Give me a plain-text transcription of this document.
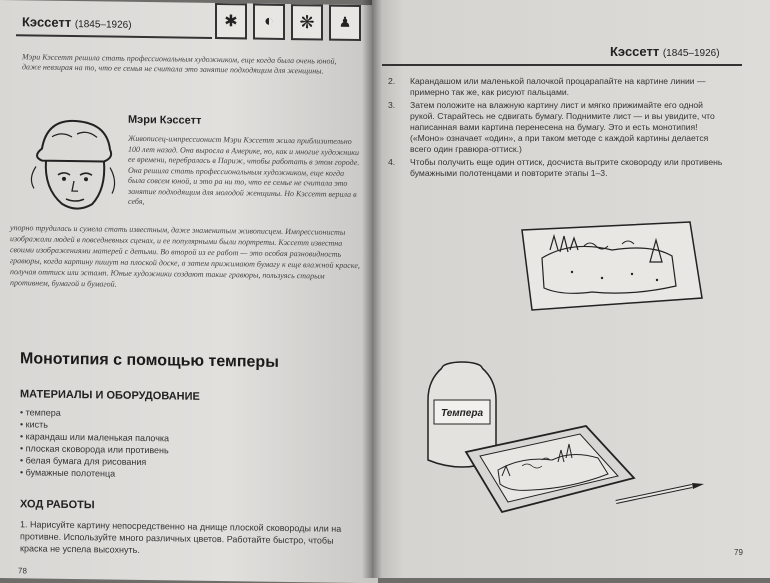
Кэссетт (1845–1926)	✱	◐	❋	♟
Мэри Кэссетт решила стать профессиональным художником, еще когда была очень юной, даже невзирая на то, что ее семья не считала это занятие подходящим для женщины.
Мэри Кэссетт
Живописец-импрессионист Мэри Кэссетт жила приблизительно 100 лет назад. Она выросла в Америке, но, как и многие художники ее времени, перебралась в Париж, чтобы работать в этом городе. Она решила стать профессиональным художником, еще когда была совсем юной, и это ра ни то, что ее семье не считала это занятие подходящим для молодой женщины. Но Кэссетт верила в себя,
упорно трудилась и сумела стать известным, даже знаменитым живописцем. Импрессионисты изображали людей в повседневных сценах, и ее популярными были портреты. Кэссетт известна своими изображениями матерей с детьми. Во второй из ее работ — это особая разновидность гравюры, когда картину пишут на плоской доске, а затем прижимают бумагу к еще влажной краске, получая оттиск или эстамп. Юные художники создают такие гравюры, пользуясь старым противнем, бумагой и бумагой.
Монотипия с помощью темперы
МАТЕРИАЛЫ И ОБОРУДОВАНИЕ
• темпера
• кисть
• карандаш или маленькая палочка
• плоская сковорода или противень
• белая бумага для рисования
• бумажные полотенца
ХОД РАБОТЫ
1. Нарисуйте картину непосредственно на днище плоской сковороды или на противне. Используйте много различных цветов. Работайте быстро, чтобы краска не успела высохнуть.
78
Кэссетт (1845–1926)
79
Темпера
2. Карандашом или маленькой палочкой процарапайте на картине линии — примерно так же, как рисуют пальцами.
3. Затем положите на влажную картину лист и мягко прижимайте его одной рукой. Старайтесь не сдвигать бумагу. Поднимите лист — и вы увидите, что написанная вами картина перенесена на бумагу. Это и есть монотипия! («Моно» означает «один», а при таком методе с каждой картины делается всего один гравюра-оттиск.)
4. Чтобы получить еще один оттиск, досчиста вытрите сковороду или противень бумажными полотенцами и повторите этапы 1–3.
